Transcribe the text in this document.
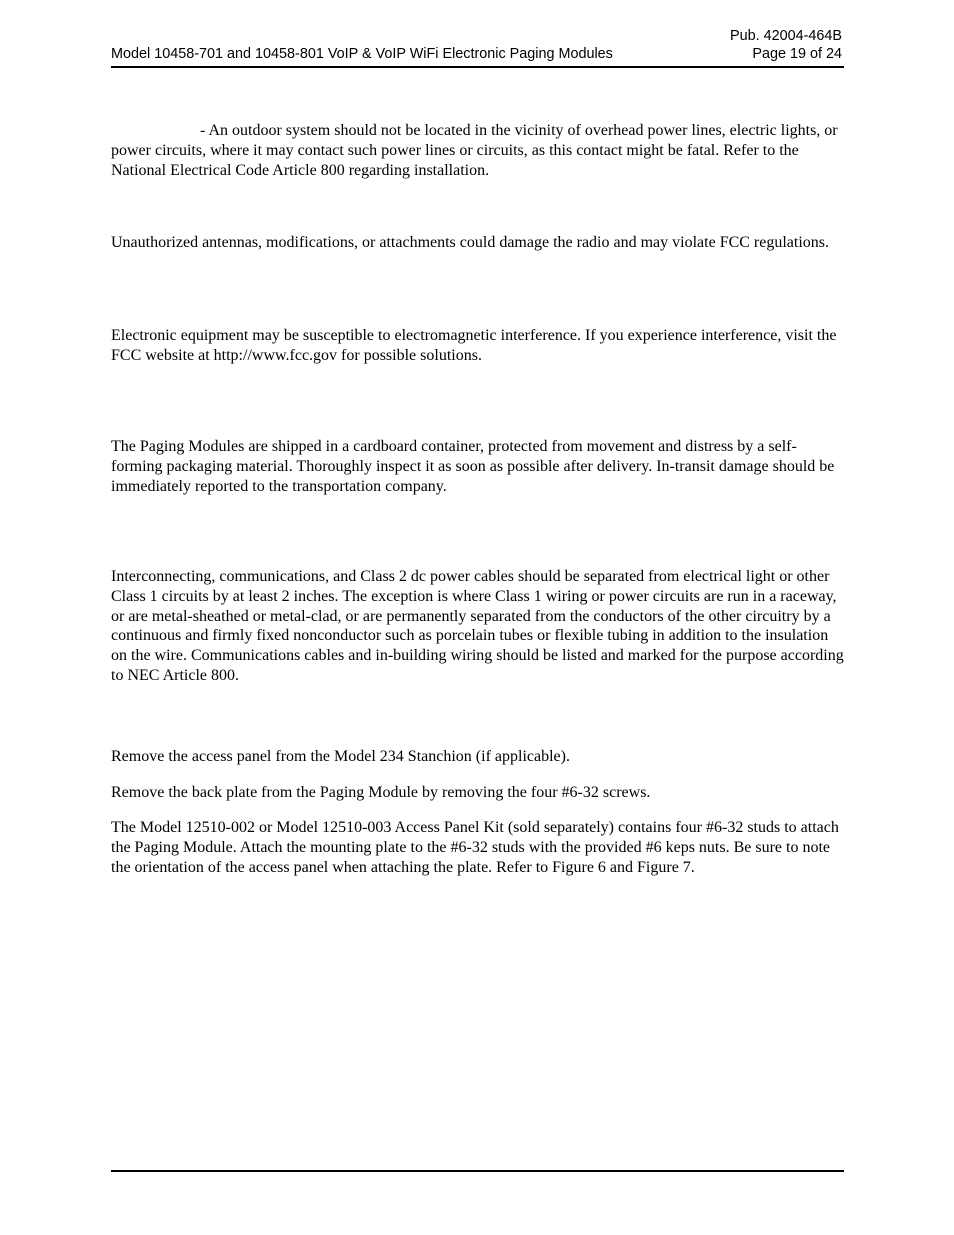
Pub. 42004-464B
Model 10458-701 and 10458-801 VoIP & VoIP WiFi Electronic Paging Modules	Page 19 of 24

- An outdoor system should not be located in the vicinity of overhead power lines, electric lights, or power circuits, where it may contact such power lines or circuits, as this contact might be fatal. Refer to the National Electrical Code Article 800 regarding installation.

Unauthorized antennas, modifications, or attachments could damage the radio and may violate FCC regulations.

Electronic equipment may be susceptible to electromagnetic interference. If you experience interference, visit the FCC website at http://www.fcc.gov for possible solutions.

The Paging Modules are shipped in a cardboard container, protected from movement and distress by a self-forming packaging material. Thoroughly inspect it as soon as possible after delivery. In-transit damage should be immediately reported to the transportation company.

Interconnecting, communications, and Class 2 dc power cables should be separated from electrical light or other Class 1 circuits by at least 2 inches. The exception is where Class 1 wiring or power circuits are run in a raceway, or are metal-sheathed or metal-clad, or are permanently separated from the conductors of the other circuitry by a continuous and firmly fixed nonconductor such as porcelain tubes or flexible tubing in addition to the insulation on the wire. Communications cables and in-building wiring should be listed and marked for the purpose according to NEC Article 800.

Remove the access panel from the Model 234 Stanchion (if applicable).

Remove the back plate from the Paging Module by removing the four #6-32 screws.

The Model 12510-002 or Model 12510-003 Access Panel Kit (sold separately) contains four #6-32 studs to attach the Paging Module. Attach the mounting plate to the #6-32 studs with the provided #6 keps nuts. Be sure to note the orientation of the access panel when attaching the plate. Refer to Figure 6 and Figure 7.
